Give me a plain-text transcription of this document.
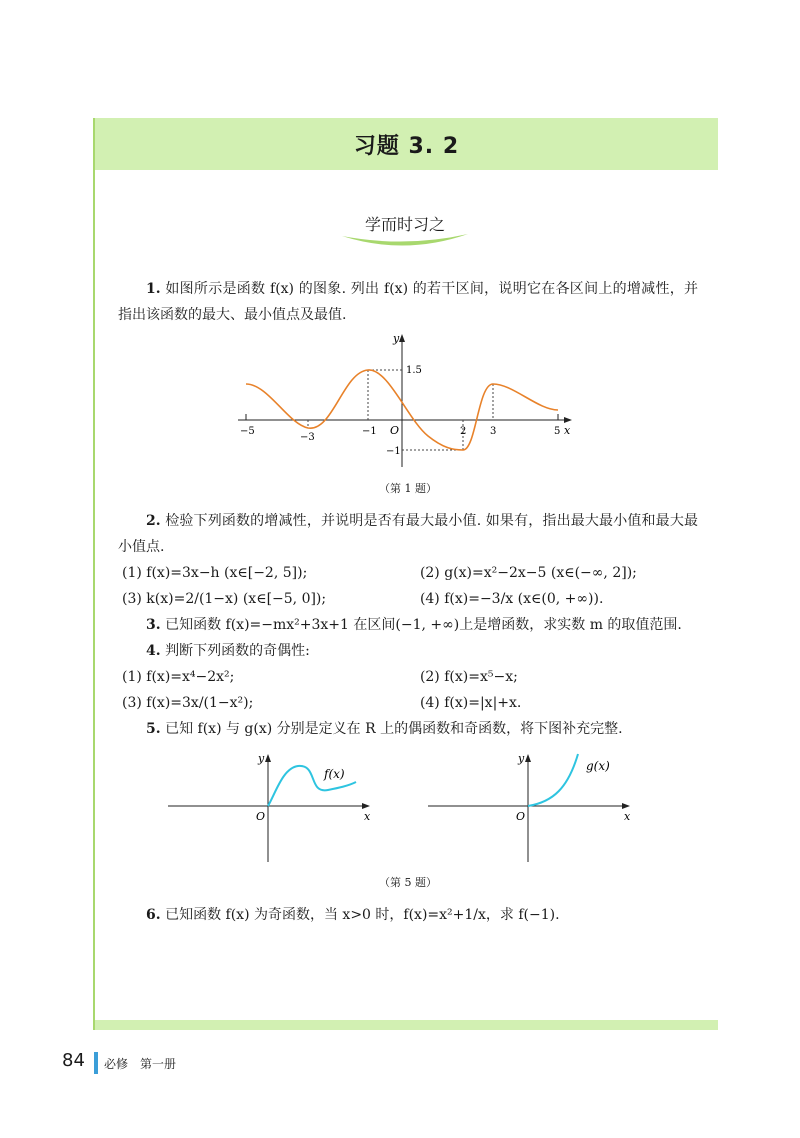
习题 3. 2
学而时习之

1. 如图所示是函数 f(x) 的图象. 列出 f(x) 的若干区间，说明它在各区间上的增减性，并指出该函数的最大、最小值点及最值.

−5
−3
−1	2 3	5
1.5
−1
O	x
y
（第 1 题）

2. 检验下列函数的增减性，并说明是否有最大最小值. 如果有，指出最大最小值和最大最小值点.

(1) f(x)=3x−h (x∈[−2, 5]);	(2) g(x)=x²−2x−5 (x∈(−∞, 2]);
(3) k(x)=2/(1−x) (x∈[−5, 0]);	(4) f(x)=−3/x (x∈(0, +∞)).

3. 已知函数 f(x)=−mx²+3x+1 在区间(−1, +∞)上是增函数，求实数 m 的取值范围.

4. 判断下列函数的奇偶性:

(1) f(x)=x⁴−2x²;	(2) f(x)=x⁵−x;
(3) f(x)=3x/(1−x²);	(4) f(x)=|x|+x.

5. 已知 f(x) 与 g(x) 分别是定义在 R 上的偶函数和奇函数，将下图补充完整.

O	x
y
f(x)
O	x
y
g(x)
（第 5 题）

6. 已知函数 f(x) 为奇函数，当 x>0 时，f(x)=x²+1/x，求 f(−1).

84 必修　第一册
